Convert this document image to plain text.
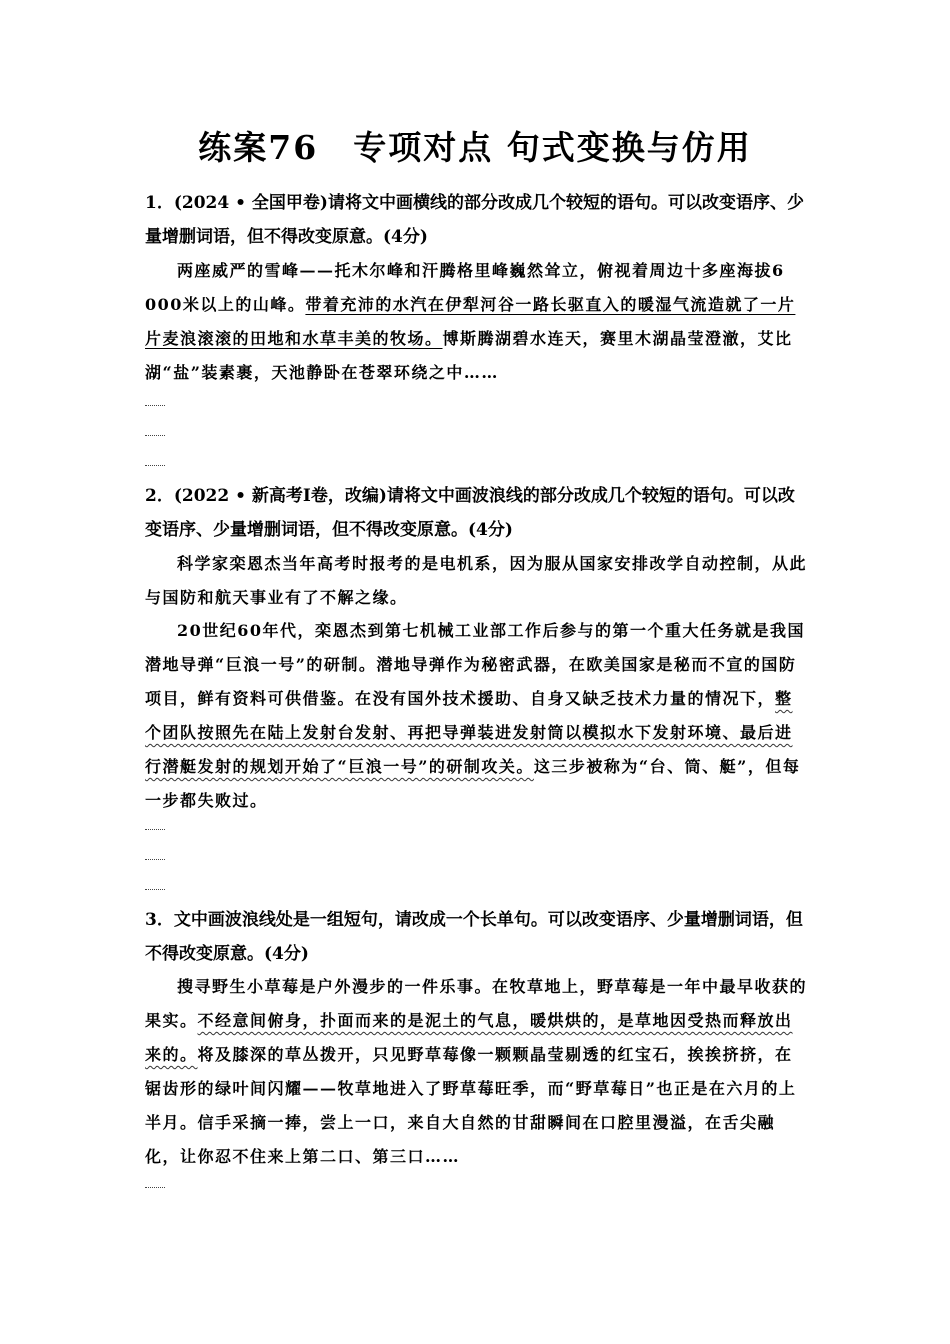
练案76　专项对点 句式变换与仿用
1．(2024 • 全国甲卷)请将文中画横线的部分改成几个较短的语句。可以改变语序、少量增删词语，但不得改变原意。(4分)
两座威严的雪峰——托木尔峰和汗腾格里峰巍然耸立，俯视着周边十多座海拔6 000米以上的山峰。带着充沛的水汽在伊犁河谷一路长驱直入的暖湿气流造就了一片片麦浪滚滚的田地和水草丰美的牧场。博斯腾湖碧水连天，赛里木湖晶莹澄澈，艾比湖“盐”装素裹，天池静卧在苍翠环绕之中……
2．(2022 • 新高考Ⅰ卷，改编)请将文中画波浪线的部分改成几个较短的语句。可以改变语序、少量增删词语，但不得改变原意。(4分)
科学家栾恩杰当年高考时报考的是电机系，因为服从国家安排改学自动控制，从此与国防和航天事业有了不解之缘。
20世纪60年代，栾恩杰到第七机械工业部工作后参与的第一个重大任务就是我国潜地导弹“巨浪一号”的研制。潜地导弹作为秘密武器，在欧美国家是秘而不宣的国防项目，鲜有资料可供借鉴。在没有国外技术援助、自身又缺乏技术力量的情况下，整个团队按照先在陆上发射台发射、再把导弹装进发射筒以模拟水下发射环境、最后进行潜艇发射的规划开始了“巨浪一号”的研制攻关。这三步被称为“台、筒、艇”，但每一步都失败过。
3．文中画波浪线处是一组短句，请改成一个长单句。可以改变语序、少量增删词语，但不得改变原意。(4分)
搜寻野生小草莓是户外漫步的一件乐事。在牧草地上，野草莓是一年中最早收获的果实。不经意间俯身，扑面而来的是泥土的气息，暖烘烘的，是草地因受热而释放出来的。将及膝深的草丛拨开，只见野草莓像一颗颗晶莹剔透的红宝石，挨挨挤挤，在锯齿形的绿叶间闪耀——牧草地进入了野草莓旺季，而“野草莓日”也正是在六月的上半月。信手采摘一捧，尝上一口，来自大自然的甘甜瞬间在口腔里漫溢，在舌尖融化，让你忍不住来上第二口、第三口……
